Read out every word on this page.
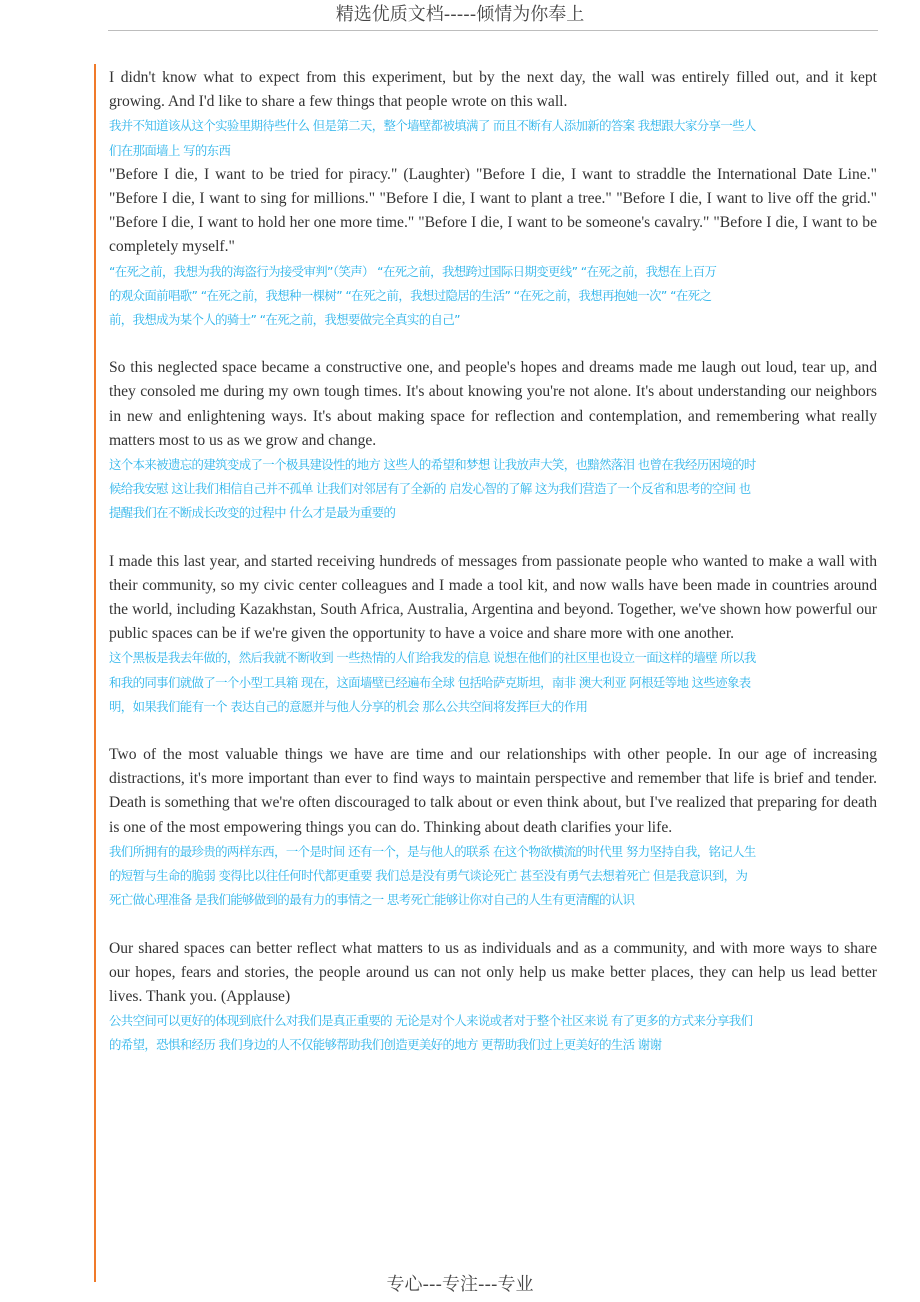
精选优质文档-----倾情为你奉上

I didn't know what to expect from this experiment, but by the next day, the wall was entirely filled out, and it kept growing. And I'd like to share a few things that people wrote on this wall.

我并不知道该从这个实验里期待些什么 但是第二天，整个墙壁都被填满了 而且不断有人添加新的答案 我想跟大家分享一些人
们在那面墙上 写的东西

"Before I die, I want to be tried for piracy." (Laughter) "Before I die, I want to straddle the International Date Line." "Before I die, I want to sing for millions." "Before I die, I want to plant a tree." "Before I die, I want to live off the grid." "Before I die, I want to hold her one more time." "Before I die, I want to be someone's cavalry." "Before I die, I want to be completely myself."

“在死之前，我想为我的海盗行为接受审判”（笑声） “在死之前，我想跨过国际日期变更线” “在死之前，我想在上百万
的观众面前唱歌” “在死之前，我想种一棵树” “在死之前，我想过隐居的生活” “在死之前，我想再抱她一次” “在死之
前，我想成为某个人的骑士” “在死之前，我想要做完全真实的自己”

So this neglected space became a constructive one, and people's hopes and dreams made me laugh out loud, tear up, and they consoled me during my own tough times. It's about knowing you're not alone. It's about understanding our neighbors in new and enlightening ways. It's about making space for reflection and contemplation, and remembering what really matters most to us as we grow and change.

这个本来被遗忘的建筑变成了一个极具建设性的地方 这些人的希望和梦想 让我放声大笑，也黯然落泪 也曾在我经历困境的时
候给我安慰 这让我们相信自己并不孤单 让我们对邻居有了全新的 启发心智的了解 这为我们营造了一个反省和思考的空间 也
提醒我们在不断成长改变的过程中 什么才是最为重要的

I made this last year, and started receiving hundreds of messages from passionate people who wanted to make a wall with their community, so my civic center colleagues and I made a tool kit, and now walls have been made in countries around the world, including Kazakhstan, South Africa, Australia, Argentina and beyond. Together, we've shown how powerful our public spaces can be if we're given the opportunity to have a voice and share more with one another.

这个黑板是我去年做的，然后我就不断收到 一些热情的人们给我发的信息 说想在他们的社区里也设立一面这样的墙壁 所以我
和我的同事们就做了一个小型工具箱 现在，这面墙壁已经遍布全球 包括哈萨克斯坦，南非 澳大利亚 阿根廷等地 这些迹象表
明，如果我们能有一个 表达自己的意愿并与他人分享的机会 那么公共空间将发挥巨大的作用

Two of the most valuable things we have are time and our relationships with other people. In our age of increasing distractions, it's more important than ever to find ways to maintain perspective and remember that life is brief and tender. Death is something that we're often discouraged to talk about or even think about, but I've realized that preparing for death is one of the most empowering things you can do. Thinking about death clarifies your life.

我们所拥有的最珍贵的两样东西，一个是时间 还有一个，是与他人的联系 在这个物欲横流的时代里 努力坚持自我，铭记人生
的短暂与生命的脆弱 变得比以往任何时代都更重要 我们总是没有勇气谈论死亡 甚至没有勇气去想着死亡 但是我意识到，为
死亡做心理准备 是我们能够做到的最有力的事情之一 思考死亡能够让你对自己的人生有更清醒的认识

Our shared spaces can better reflect what matters to us as individuals and as a community, and with more ways to share our hopes, fears and stories, the people around us can not only help us make better places, they can help us lead better lives. Thank you. (Applause)

公共空间可以更好的体现到底什么对我们是真正重要的 无论是对个人来说或者对于整个社区来说 有了更多的方式来分享我们
的希望，恐惧和经历 我们身边的人不仅能够帮助我们创造更美好的地方 更帮助我们过上更美好的生活 谢谢
专心---专注---专业
